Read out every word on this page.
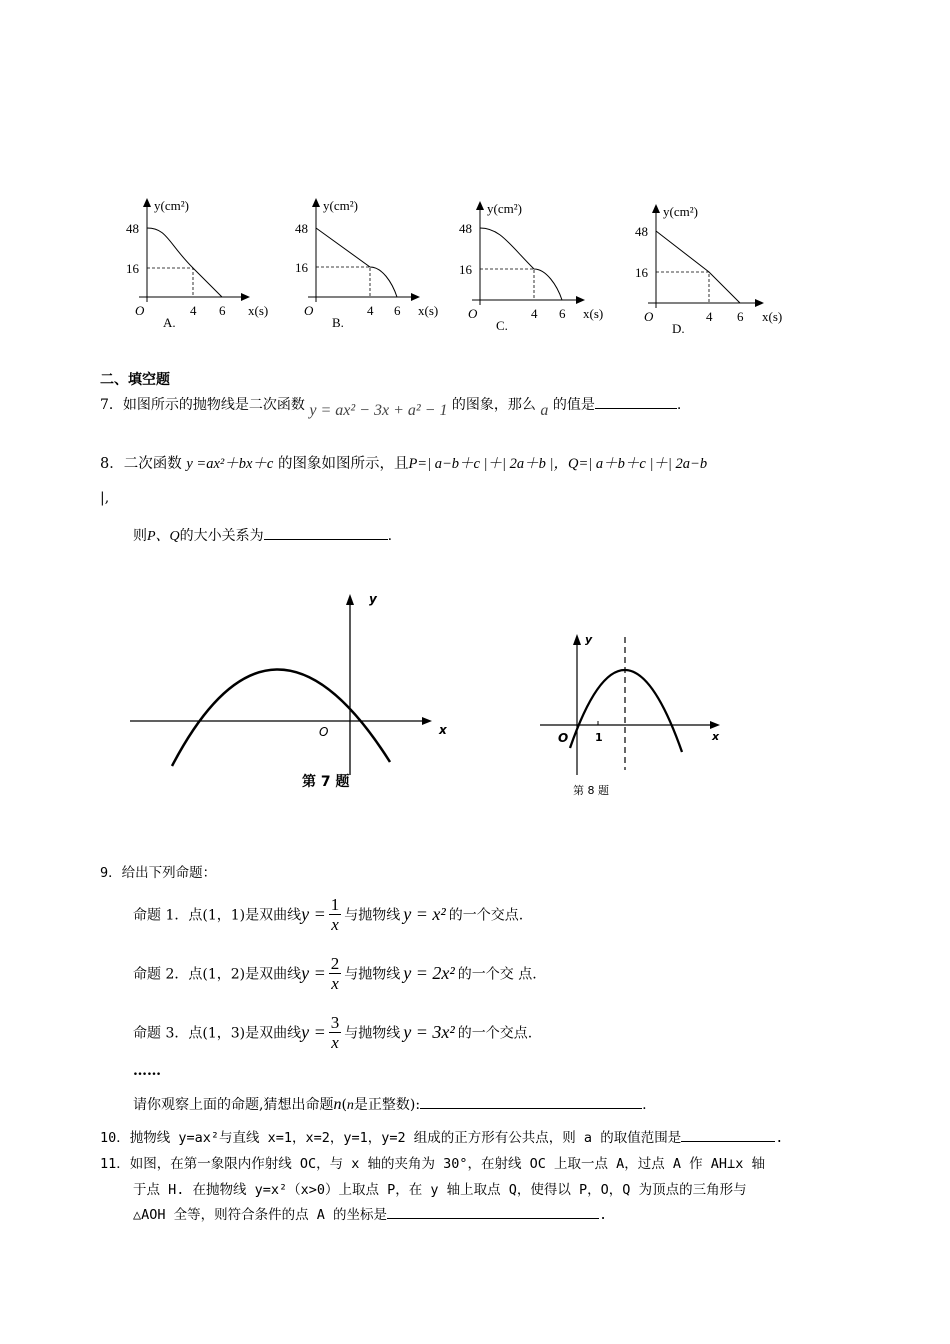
y(cm²)
48
16
O	4 6 x(s)
A.
y(cm²)
48
16
O	4 6 x(s)
B.
y(cm²)
48
16
O	4 6 x(s)
C.
y(cm²)
48
16
O	4 6 x(s)
D.
二、填空题
7．如图所示的抛物线是二次函数 y = ax² − 3x + a² − 1 的图象，那么 a 的值是	.
8．二次函数 y =ax²＋bx＋c 的图象如图所示，且P=| a−b＋c |＋| 2a＋b |，Q=| a＋b＋c |＋| 2a−b
|,
则P、Q的大小关系为	.
O	x
y
第 7 题
1
O	x
y
第 8 题
9．给出下列命题：
命题 1．点(1，1)是双曲线$y = \frac{1}{x}$ 与抛物线 y = x² 的一个交点.
命题 2．点(1，2)是双曲线$y = \frac{2}{x}$ 与抛物线 y = 2x² 的一个交 点.
命题 3．点(1，3)是双曲线$y = \frac{3}{x}$ 与抛物线 y = 3x² 的一个交点.
……
请你观察上面的命题,猜想出命题n(n是正整数):	.
10．抛物线 y=ax²与直线 x=1，x=2，y=1，y=2 组成的正方形有公共点，则 a 的取值范围是	.
11．如图，在第一象限内作射线 OC，与 x 轴的夹角为 30°，在射线 OC 上取一点 A，过点 A 作 AH⊥x 轴
于点 H. 在抛物线 y=x²（x>0）上取点 P，在 y 轴上取点 Q，使得以 P，O，Q 为顶点的三角形与
△AOH 全等，则符合条件的点 A 的坐标是	.
